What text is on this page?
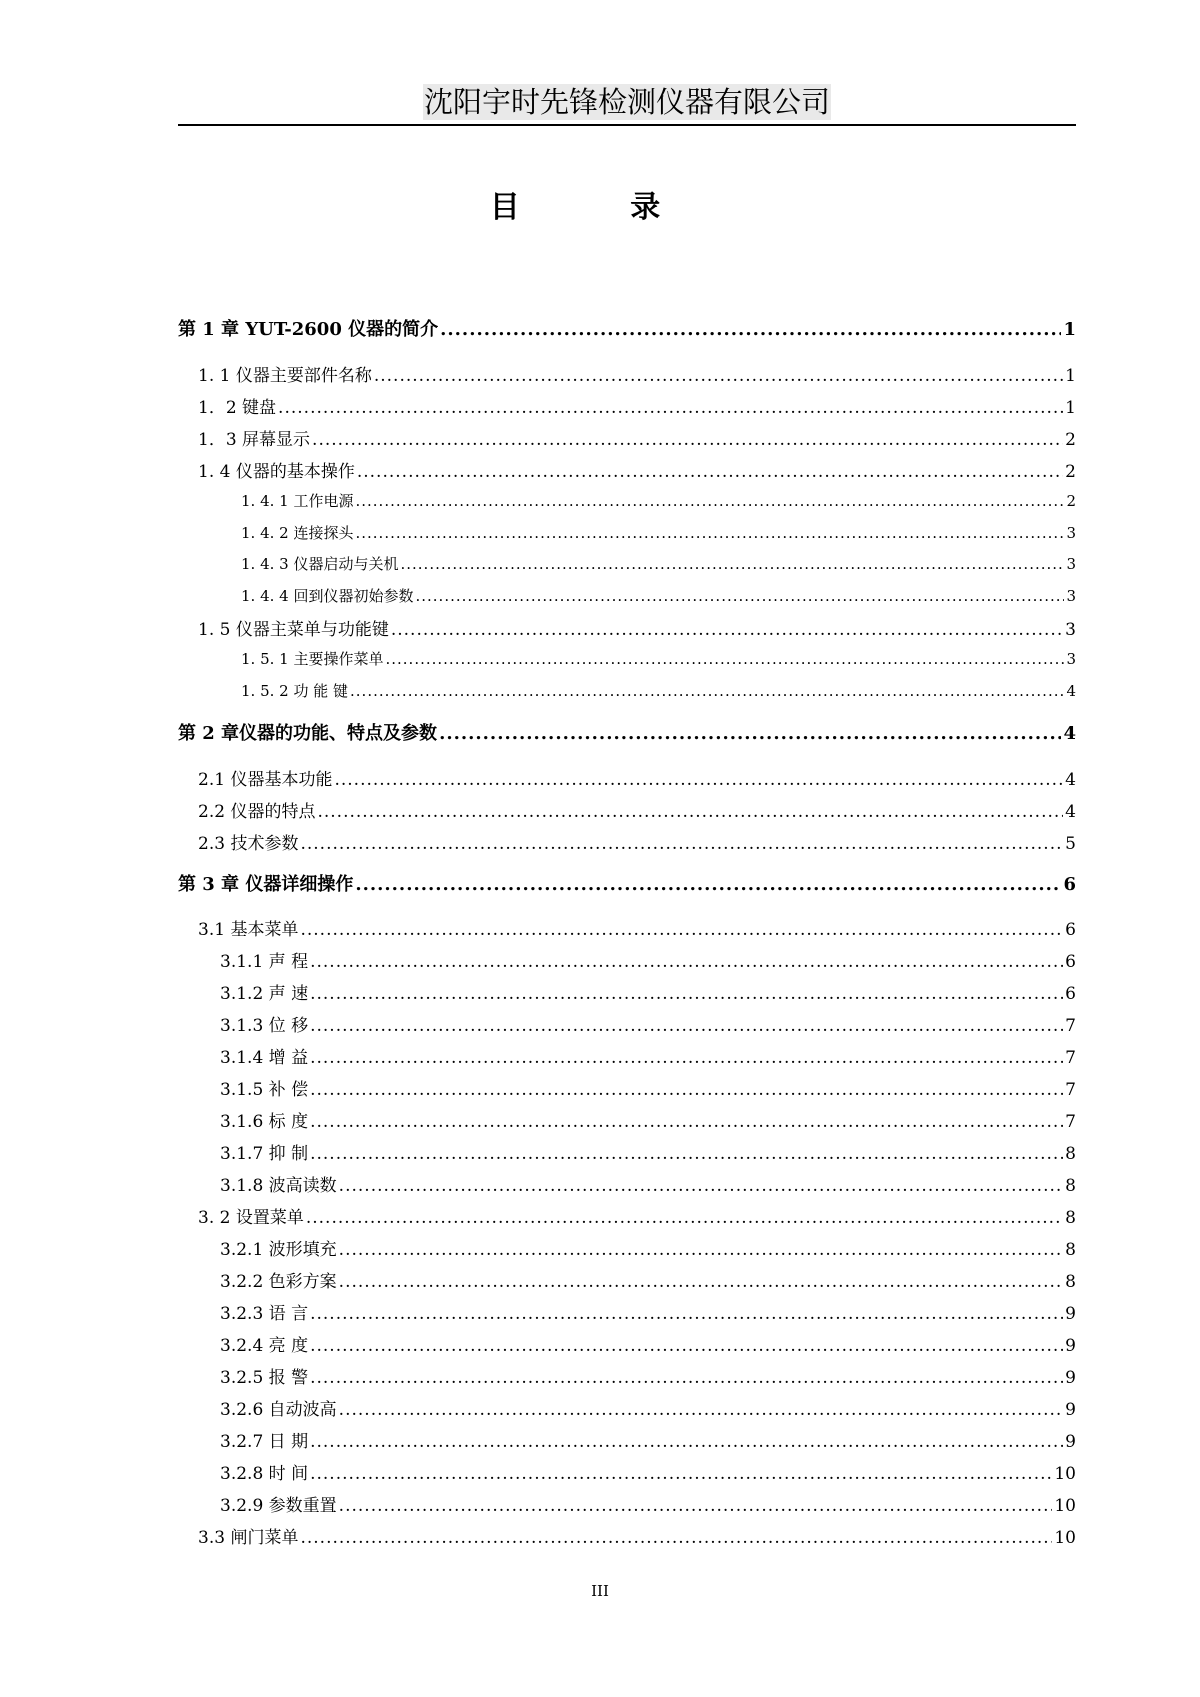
沈阳宇时先锋检测仪器有限公司
目 录
第 1 章 YUT-2600 仪器的简介 .....	1
1. 1 仪器主要部件名称 .....	1
1．2 键盘 .....	1
1．3 屏幕显示 .....	2
1. 4 仪器的基本操作 .....	2
1. 4. 1 工作电源 .....	2
1. 4. 2 连接探头 .....	3
1. 4. 3 仪器启动与关机 .....	3
1. 4. 4 回到仪器初始参数 .....	3
1. 5 仪器主菜单与功能键 .....	3
1. 5. 1 主要操作菜单 .....	3
1. 5. 2 功 能 键 .....	4
第 2 章仪器的功能、特点及参数 .....	4
2.1 仪器基本功能 .....	4
2.2 仪器的特点 .....	4
2.3 技术参数 .....	5
第 3 章 仪器详细操作 .....	6
3.1 基本菜单 .....	6
3.1.1 声 程 .....	6
3.1.2 声 速 .....	6
3.1.3 位 移 .....	7
3.1.4 增 益 .....	7
3.1.5 补 偿 .....	7
3.1.6 标 度 .....	7
3.1.7 抑 制 .....	8
3.1.8 波高读数 .....	8
3. 2 设置菜单 .....	8
3.2.1 波形填充 .....	8
3.2.2 色彩方案 .....	8
3.2.3 语 言 .....	9
3.2.4 亮 度 .....	9
3.2.5 报 警 .....	9
3.2.6 自动波高 .....	9
3.2.7 日 期 .....	9
3.2.8 时 间 .....	10
3.2.9 参数重置 .....	10
3.3 闸门菜单 .....	10
III
